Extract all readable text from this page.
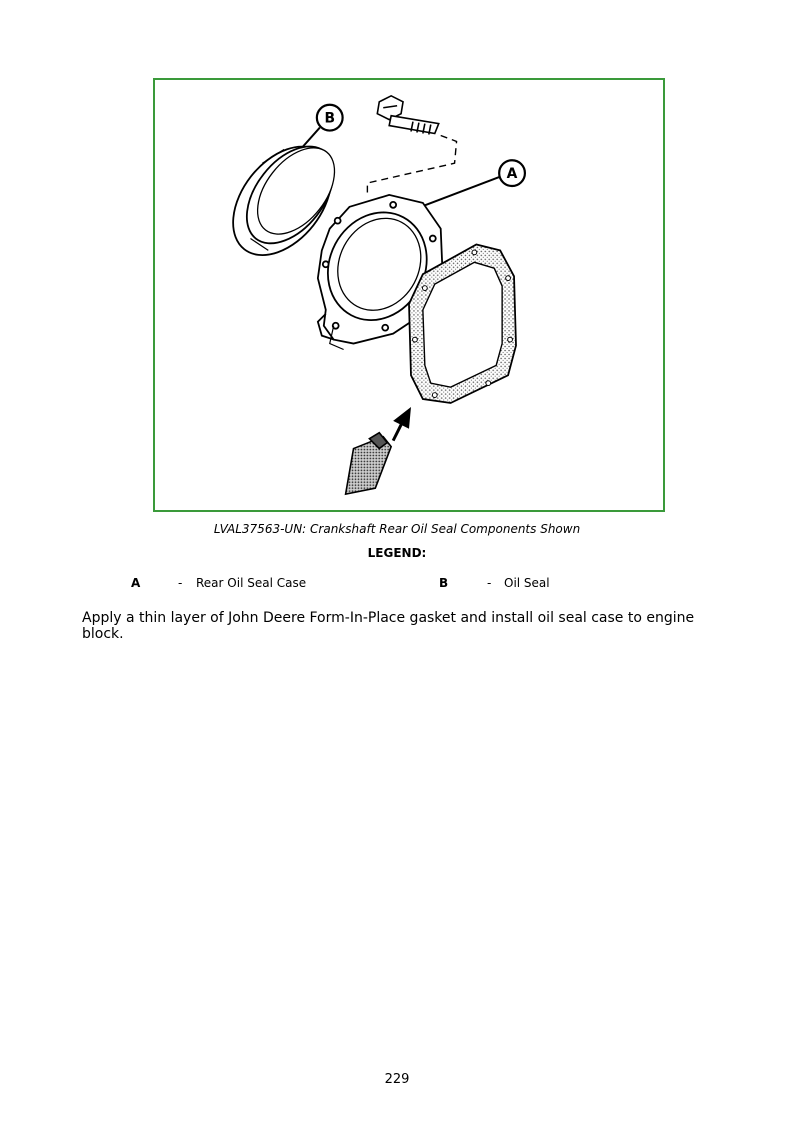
B
A
LVAL37563-UN: Crankshaft Rear Oil Seal Components Shown
LEGEND:
A	- Rear Oil Seal Case	B	- Oil Seal
Apply a thin layer of John Deere Form-In-Place gasket and install oil seal case to engine block.
229
